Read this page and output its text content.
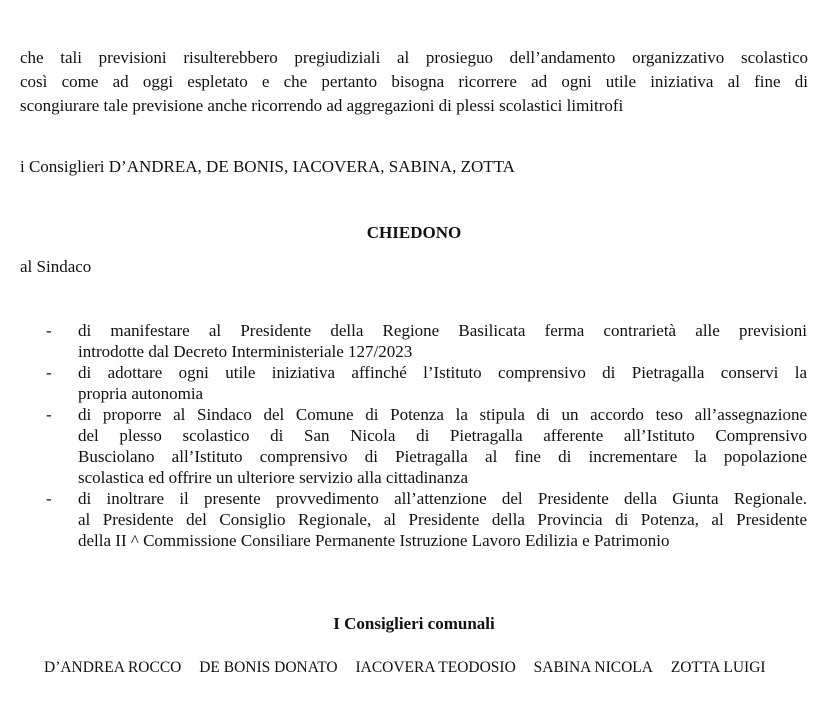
che tali previsioni risulterebbero pregiudiziali al prosieguo dell’andamento organizzativo scolastico
così come ad oggi espletato e che pertanto bisogna ricorrere ad ogni utile iniziativa al fine di
scongiurare tale previsione anche ricorrendo ad aggregazioni di plessi scolastici limitrofi

i Consiglieri D’ANDREA, DE BONIS, IACOVERA, SABINA, ZOTTA

CHIEDONO

al Sindaco

- di manifestare al Presidente della Regione Basilicata ferma contrarietà alle previsioni
introdotte dal Decreto Interministeriale 127/2023
- di adottare ogni utile iniziativa affinché l’Istituto comprensivo di Pietragalla conservi la
propria autonomia
- di proporre al Sindaco del Comune di Potenza la stipula di un accordo teso all’assegnazione
del plesso scolastico di San Nicola di Pietragalla afferente all’Istituto Comprensivo
Busciolano all’Istituto comprensivo di Pietragalla al fine di incrementare la popolazione
scolastica ed offrire un ulteriore servizio alla cittadinanza
- di inoltrare il presente provvedimento all’attenzione del Presidente della Giunta Regionale.
al Presidente del Consiglio Regionale, al Presidente della Provincia di Potenza, al Presidente
della II ^ Commissione Consiliare Permanente Istruzione Lavoro Edilizia e Patrimonio

I Consiglieri comunali

D’ANDREA ROCCO DE BONIS DONATO IACOVERA TEODOSIO SABINA NICOLA ZOTTA LUIGI
